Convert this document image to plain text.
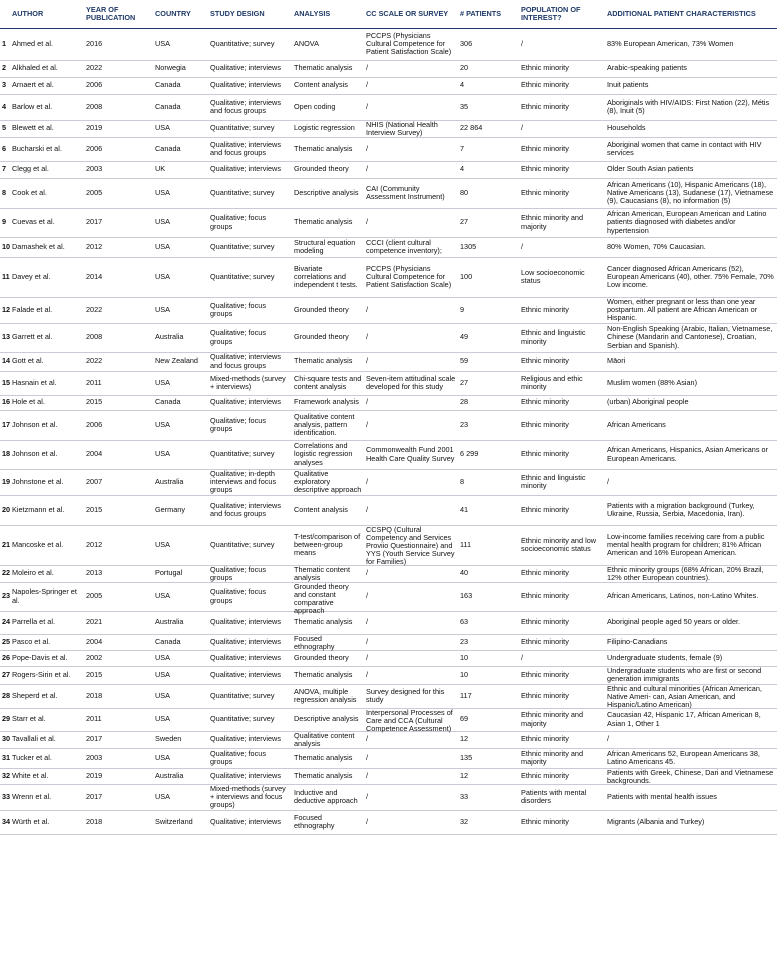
	AUTHOR	YEAR OF PUBLICATION	COUNTRY	STUDY DESIGN	ANALYSIS	CC SCALE OR SURVEY	# PATIENTS	POPULATION OF INTEREST?	ADDITIONAL PATIENT CHARACTERISTICS

1	Ahmed et al.	2016	USA	Quantitative; survey	ANOVA	PCCPS (Physicians Cultural Competence for Patient Satisfaction Scale)	306	/	83% European American, 73% Women

2	Alkhaled et al.	2022	Norwegia	Qualitative; interviews	Thematic analysis	/	20	Ethnic minority	Arabic-speaking patients

3	Arnaert et al.	2006	Canada	Qualitative; interviews	Content analysis	/	4	Ethnic minority	Inuit patients

4	Barlow et al.	2008	Canada	Qualitative; interviews and focus groups	Open coding	/	35	Ethnic minority	Aboriginals with HIV/AIDS: First Nation (22), Métis (8), Inuit (5)

5	Blewett et al.	2019	USA	Quantitative; survey	Logistic regression	NHIS (National Health Interview Survey)	22 864	/	Households

6	Bucharski et al.	2006	Canada	Qualitative; interviews and focus groups	Thematic analysis	/	7	Ethnic minority	Aboriginal women that came in contact with HIV services

7	Clegg et al.	2003	UK	Qualitative; interviews	Grounded theory	/	4	Ethnic minority	Older South Asian patients

8	Cook et al.	2005	USA	Quantitative; survey	Descriptive analysis	CAI (Community Assessment Instrument)	80	Ethnic minority	African Americans (10), Hispanic Americans (18), Native Americans (13), Sudanese (17), Vietnamese (9), Caucasians (8), no information (5)

9	Cuevas et al.	2017	USA	Qualitative; focus groups	Thematic analysis	/	27	Ethnic minority and majority	African American, European American and Latino patients diagnosed with diabetes and/or hypertension

10	Damashek et al.	2012	USA	Quantitative; survey	Structural equation modeling	CCCI (client cultural competence inventory);	1305	/	80% Women, 70% Caucasian.

11	Davey et al.	2014	USA	Quantitative; survey	Bivariate correlations and independent t tests.	PCCPS (Physicians Cultural Competence for Patient Satisfaction Scale)	100	Low socioeconomic status	Cancer diagnosed African Americans (52), European Americans (40), other. 75% Female, 70% Low income.

12	Falade et al.	2022	USA	Qualitative; focus groups	Grounded theory	/	9	Ethnic minority	Women, either pregnant or less than one year postpartum. All patient are African American or Hispanic.

13	Garrett et al.	2008	Australia	Qualitative; focus groups	Grounded theory	/	49	Ethnic and linguistic minority	Non-English Speaking (Arabic, Italian, Vietnamese, Chinese (Mandarin and Cantonese), Croatian, Serbian and Spanish).

14	Gott et al.	2022	New Zealand	Qualitative; interviews and focus groups	Thematic analysis	/	59	Ethnic minority	Māori

15	Hasnain et al.	2011	USA	Mixed-methods (survey + interviews)	Chi-square tests and content analysis	Seven-item attitudinal scale developed for this study	27	Religious and ethic minority	Muslim women (88% Asian)

16	Hole et al.	2015	Canada	Qualitative; interviews	Framework analysis	/	28	Ethnic minority	(urban) Aboriginal people

17	Johnson et al.	2006	USA	Qualitative; focus groups	Qualitative content analysis, pattern identification.	/	23	Ethnic minority	African Americans

18	Johnson et al.	2004	USA	Quantitative; survey	Correlations and logistic regression analyses	Commonwealth Fund 2001 Health Care Quality Survey	6 299	Ethnic minority	African Americans, Hispanics, Asian Americans or European Americans.

19	Johnstone et al.	2007	Australia	Qualitative; in-depth interviews and focus groups	Qualitative exploratory descriptive approach	/	8	Ethnic and linguistic minority	/

20	Kietzmann et al.	2015	Germany	Qualitative; interviews and focus groups	Content analysis	/	41	Ethnic minority	Patients with a migration background (Turkey, Ukraine, Russia, Serbia, Macedonia, Iran).

21	Mancoske et al.	2012	USA	Quantitative; survey	T-test/comparison of between-group means	CCSPQ (Cultural Competency and Services Proviio Questionnaire) and YYS (Youth Service Survey for Families)	111	Ethnic minority and low socioeconomic status	Low-income families receiving care from a public mental health program for children; 81% African American and 16% European American.

22	Moleiro et al.	2013	Portugal	Qualitative; focus groups	Thematic content analysis	/	40	Ethnic minority	Ethnic minority groups (68% African, 20% Brazil, 12% other European countries).

23	Napoles-Springer et al.	2005	USA	Qualitative; focus groups	Grounded theory and constant comparative approach	/	163	Ethnic minority	African Americans, Latinos, non-Latino Whites.

24	Parrella et al.	2021	Australia	Qualitative; interviews	Thematic analysis	/	63	Ethnic minority	Aboriginal people aged 50 years or older.

25	Pasco et al.	2004	Canada	Qualitative; interviews	Focused ethnography	/	23	Ethnic minority	Filipino-Canadians

26	Pope-Davis et al.	2002	USA	Qualitative; interviews	Grounded theory	/	10	/	Undergraduate students, female (9)

27	Rogers-Sirin et al.	2015	USA	Qualitative; interviews	Thematic analysis	/	10	Ethnic minority	Undergraduate students who are first or second generation immigrants

28	Sheperd et al.	2018	USA	Quantitative; survey	ANOVA, multiple regression analysis	Survey designed for this study	117	Ethnic minority	Ethnic and cultural minorities (African American, Native Ameri- can, Asian American, and Hispanic/Latino American)

29	Starr et al.	2011	USA	Quantitative; survey	Descriptive analysis	Interpersonal Processes of Care and CCA (Cultural Competence Assessment)	69	Ethnic minority and majority	Caucasian 42, Hispanic 17, African American 8, Asian 1, Other 1

30	Tavallali et al.	2017	Sweden	Qualitative; interviews	Qualitative content analysis	/	12	Ethnic minority	/

31	Tucker et al.	2003	USA	Qualitative; focus groups	Thematic analysis	/	135	Ethnic minority and majority	African Americans 52, European Americans 38, Latino Americans 45.

32	White et al.	2019	Australia	Qualitative; interviews	Thematic analysis	/	12	Ethnic minority	Patients with Greek, Chinese, Dari and Vietnamese backgrounds.

33	Wrenn et al.	2017	USA	Mixed-methods (survey + interviews and focus groups)	Inductive and deductive approach	/	33	Patients with mental disorders	Patients with mental health issues

34	Würth et al.	2018	Switzerland	Qualitative; interviews	Focused ethnography	/	32	Ethnic minority	Migrants (Albania and Turkey)
